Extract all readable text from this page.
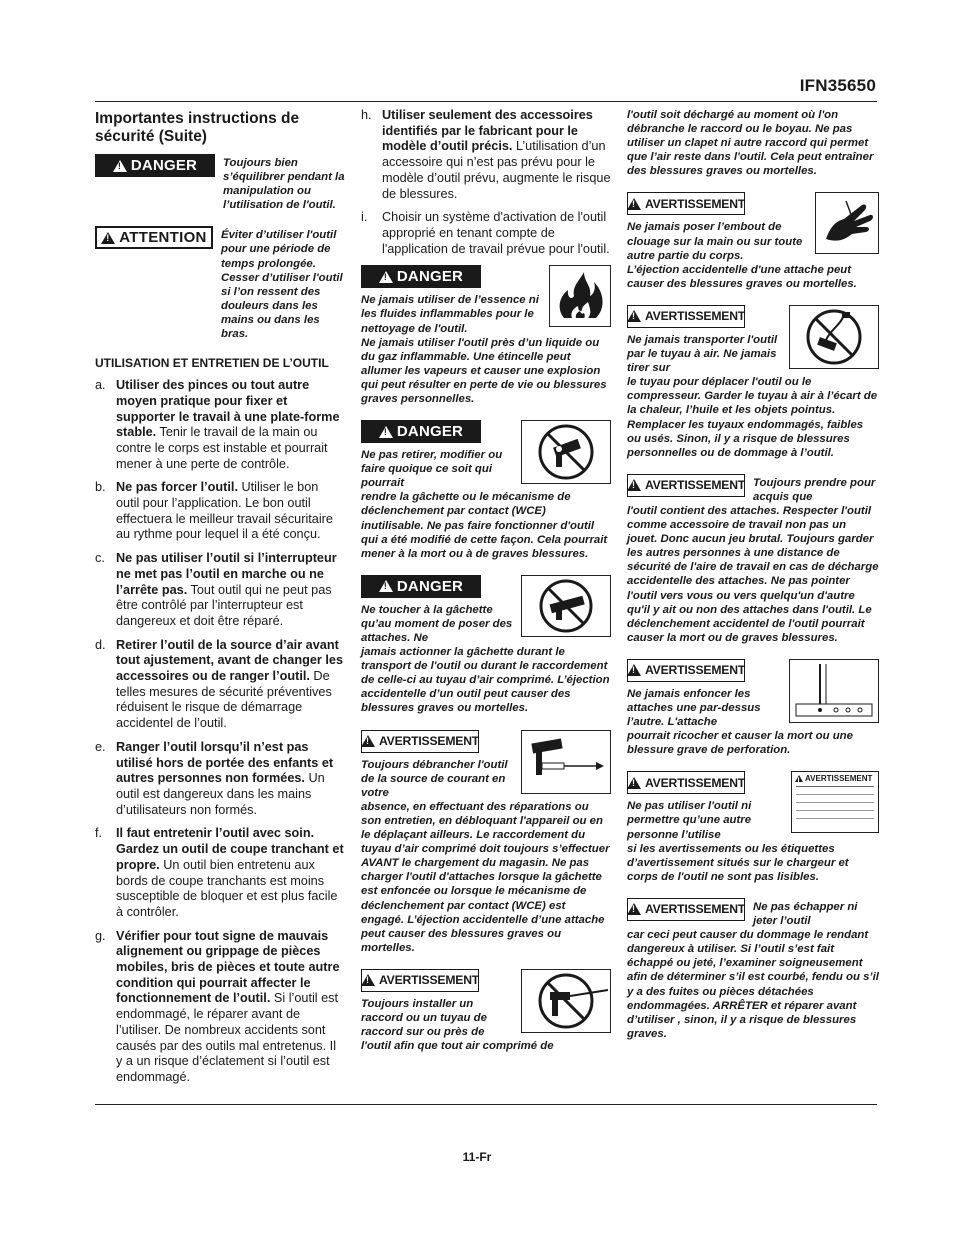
IFN35650
Importantes instructions de sécurité (Suite)
!
DANGER Toujours bien s’équilibrer pendant la manipulation ou l’utilisation de l'outil.

!
ATTENTION Éviter d’utiliser l'outil pour une période de temps prolongée. Cesser d’utiliser l'outil si l’on ressent des douleurs dans les mains ou dans les bras.

UTILISATION ET ENTRETIEN DE L’OUTIL
a. Utiliser des pinces ou tout autre moyen pratique pour fixer et supporter le travail à une plate-forme stable. Tenir le travail de la main ou contre le corps est instable et pourrait mener à une perte de contrôle.
b. Ne pas forcer l’outil. Utiliser le bon outil pour l’application. Le bon outil effectuera le meilleur travail sécuritaire au rythme pour lequel il a été conçu.
c. Ne pas utiliser l’outil si l’interrupteur ne met pas l’outil en marche ou ne l’arrête pas. Tout outil qui ne peut pas être contrôlé par l’interrupteur est dangereux et doit être réparé.
d. Retirer l’outil de la source d’air avant tout ajustement, avant de changer les accessoires ou de ranger l’outil. De telles mesures de sécurité préventives réduisent le risque de démarrage accidentel de l’outil.
e. Ranger l’outil lorsqu’il n’est pas utilisé hors de portée des enfants et autres personnes non formées. Un outil est dangereux dans les mains d’utilisateurs non formés.
f.	Il faut entretenir l’outil avec soin. Gardez un outil de coupe tranchant et propre. Un outil bien entretenu aux bords de coupe tranchants est moins susceptible de bloquer et est plus facile à contrôler.
g. Vérifier pour tout signe de mauvais alignement ou grippage de pièces mobiles, bris de pièces et toute autre condition qui pourrait affecter le fonctionnement de l’outil. Si l’outil est endommagé, le réparer avant de l’utiliser. De nombreux accidents sont causés par des outils mal entretenus. Il y a un risque d’éclatement si l’outil est endommagé.
h. Utiliser seulement des accessoires identifiés par le fabricant pour le modèle d’outil précis. L’utilisation d’un accessoire qui n’est pas prévu pour le modèle d’outil prévu, augmente le risque de blessures.
i.	Choisir un système d'activation de l'outil approprié en tenant compte de l'application de travail prévue pour l'outil.
!
DANGER

Ne jamais utiliser de l’essence ni les fluides inflammables pour le nettoyage de l'outil.

Ne jamais utiliser l'outil près d’un liquide ou du gaz inflammable. Une étincelle peut allumer les vapeurs et causer une explosion qui peut résulter en perte de vie ou blessures graves personnelles.

!
DANGER

Ne pas retirer, modifier ou faire quoique ce soit qui pourrait

rendre la gâchette ou le mécanisme de déclenchement par contact (WCE) inutilisable. Ne pas faire fonctionner d'outil qui a été modifié de cette façon. Cela pourrait mener à la mort ou à de graves blessures.

!
DANGER

Ne toucher à la gâchette qu’au moment de poser des attaches. Ne

jamais actionner la gâchette durant le transport de l'outil ou durant le raccordement de celle-ci au tuyau d’air comprimé. L’éjection accidentelle d’un outil peut causer des blessures graves ou mortelles.

!
AVERTISSEMENT

Toujours débrancher l'outil de la source de courant en votre

absence, en effectuant des réparations ou son entretien, en débloquant l'appareil ou en le déplaçant ailleurs. Le raccordement du tuyau d’air comprimé doit toujours s’effectuer AVANT le chargement du magasin. Ne pas charger l'outil d'attaches lorsque la gâchette est enfoncée ou lorsque le mécanisme de déclenchement par contact (WCE) est engagé. L’éjection accidentelle d’une attache peut causer des blessures graves ou mortelles.

!
AVERTISSEMENT

Toujours installer un raccord ou un tuyau de raccord sur ou près de

l'outil afin que tout air comprimé de

l'outil soit déchargé au moment où l'on débranche le raccord ou le boyau. Ne pas utiliser un clapet ni autre raccord qui permet que l’air reste dans l'outil. Cela peut entraîner des blessures graves ou mortelles.

!
AVERTISSEMENT

Ne jamais poser l’embout de clouage sur la main ou sur toute autre partie du corps.

L’éjection accidentelle d'une attache peut causer des blessures graves ou mortelles.

!
AVERTISSEMENT

Ne jamais transporter l'outil par le tuyau à air. Ne jamais tirer sur

le tuyau pour déplacer l'outil ou le compresseur. Garder le tuyau à air à l’écart de la chaleur, l’huile et les objets pointus. Remplacer les tuyaux endommagés, faibles ou usés. Sinon, il y a risque de blessures personnelles ou de dommage à l’outil.

!
AVERTISSEMENT Toujours prendre pour acquis que

l'outil contient des attaches. Respecter l'outil comme accessoire de travail non pas un jouet. Donc aucun jeu brutal. Toujours garder les autres personnes à une distance de sécurité de l'aire de travail en cas de décharge accidentelle des attaches. Ne pas pointer l'outil vers vous ou vers quelqu'un d'autre qu'il y ait ou non des attaches dans l'outil. Le déclenchement accidentel de l'outil pourrait causer la mort ou de graves blessures.

!
AVERTISSEMENT

Ne jamais enfoncer les attaches une par-dessus l’autre. L'attache

pourrait ricocher et causer la mort ou une blessure grave de perforation.

!
AVERTISSEMENT

Ne pas utiliser l'outil ni permettre qu’une autre personne l’utilise

!
AVERTISSEMENT

si les avertissements ou les étiquettes d’avertissement situés sur le chargeur et corps de l'outil ne sont pas lisibles.

!
AVERTISSEMENT Ne pas échapper ni jeter l’outil

car ceci peut causer du dommage le rendant dangereux à utiliser. Si l’outil s’est fait échappé ou jeté, l’examiner soigneusement afin de déterminer s’il est courbé, fendu ou s’il y a des fuites ou pièces détachées endommagées. ARRÊTER et réparer avant d’utiliser , sinon, il y a risque de blessures graves.

11-Fr
